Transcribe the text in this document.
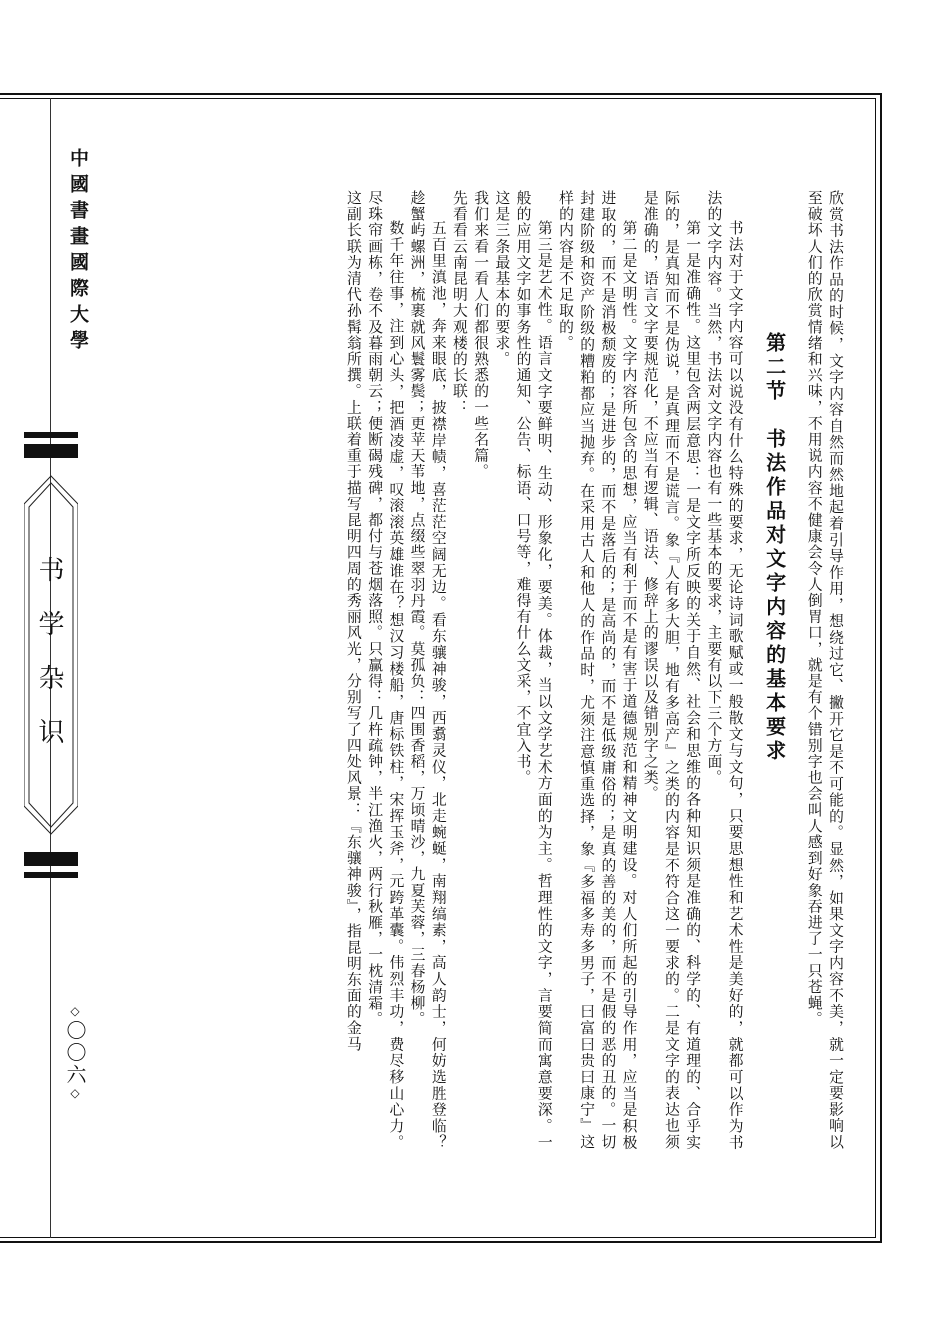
中國書畫國際大學
书学杂识
◇〇〇六◇	欣赏书法作品的时候，文字内容自然而然地起着引导作用，想绕过它、撇开它是不可能的。显然，如果文字内容不美，就一定要影响以至破坏人们的欣赏情绪和兴味，不用说内容不健康会令人倒胃口，就是有个错别字也会叫人感到好象吞进了一只苍蝇。

第二节　书法作品对文字内容的基本要求

书法对于文字内容可以说没有什么特殊的要求，无论诗词歌赋或一般散文与文句，只要思想性和艺术性是美好的，就都可以作为书法的文字内容。当然，书法对文字内容也有一些基本的要求，主要有以下三个方面。

第一是准确性。这里包含两层意思：一是文字所反映的关于自然、社会和思维的各种知识须是准确的、科学的、有道理的、合乎实际的，是真知而不是伪说，是真理而不是谎言。象『人有多大胆，地有多高产』之类的内容是不符合这一要求的。二是文字的表达也须是准确的，语言文字要规范化，不应当有逻辑、语法、修辞上的谬误以及错别字之类。

第二是文明性。文字内容所包含的思想，应当有利于而不是有害于道德规范和精神文明建设。对人们所起的引导作用，应当是积极进取的，而不是消极颓废的；是进步的，而不是落后的；是高尚的，而不是低级庸俗的；是真的善的美的，而不是假的恶的丑的。一切封建阶级和资产阶级的糟粕都应当抛弃。在采用古人和他人的作品时，尤须注意慎重选择，象『多福多寿多男子，曰富曰贵曰康宁』这样的内容是不足取的。

第三是艺术性。语言文字要鲜明、生动、形象化，要美。体裁，当以文学艺术方面的为主。哲理性的文字，言要简而寓意要深。一般的应用文字如事务性的通知、公告、标语、口号等，难得有什么文采，不宜入书。

这是三条最基本的要求。

我们来看一看人们都很熟悉的一些名篇。

先看看云南昆明大观楼的长联：

五百里滇池，奔来眼底，披襟岸帻，喜茫茫空阔无边。看东骧神骏，西翥灵仪，北走蜿蜒，南翔缟素，高人韵士，何妨选胜登临？趁蟹屿螺洲，梳裹就风鬟雾鬓；更苹天苇地，点缀些翠羽丹霞。莫孤负：四围香稻，万顷晴沙，九夏芙蓉，三春杨柳。

数千年往事，注到心头，把酒凌虚，叹滚滚英雄谁在？想汉习楼船，唐标铁柱，宋挥玉斧，元跨革囊。伟烈丰功，费尽移山心力。尽珠帘画栋，卷不及暮雨朝云；便断碣残碑，都付与苍烟落照。只赢得：几杵疏钟，半江渔火，两行秋雁，一枕清霜。

这副长联为清代孙髯翁所撰。上联着重于描写昆明四周的秀丽风光，分别写了四处风景：『东骧神骏』，指昆明东面的金马
